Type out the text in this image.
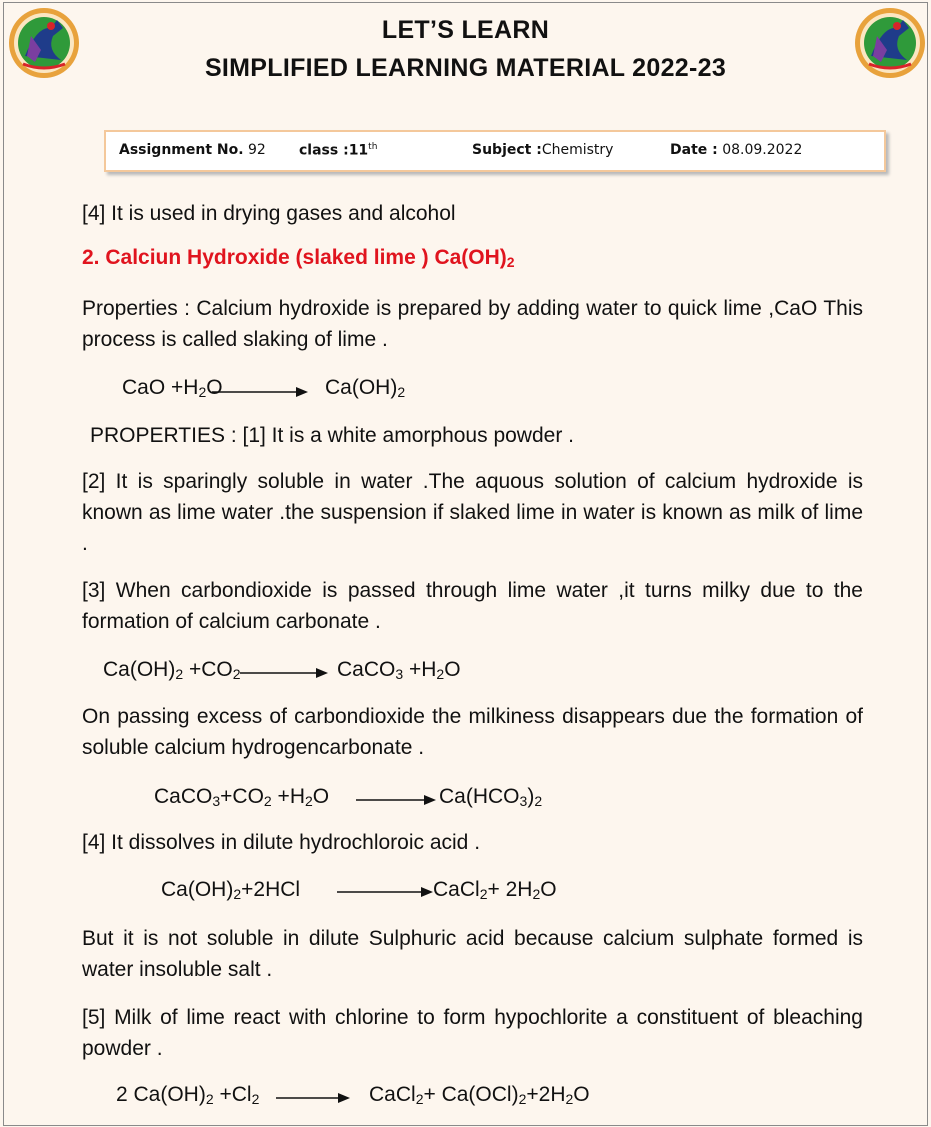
LET’S LEARN
SIMPLIFIED LEARNING MATERIAL 2022-23
Assignment No. 92 class :11th	Subject :Chemistry	Date : 08.09.2022
[4] It is used in drying gases and alcohol
2. Calciun Hydroxide (slaked lime ) $Ca(OH)_2$
Properties : Calcium hydroxide is prepared by adding water to quick lime ,CaO This process is called slaking of lime .
CaO $+H_2O$	$Ca(OH)_2$
PROPERTIES : [1] It is a white amorphous powder .
[2] It is sparingly soluble in water .The aquous solution of calcium hydroxide is known as lime water .the suspension if slaked lime in water is known as milk of lime .
[3] When carbondioxide is passed through lime water ,it turns milky due to the formation of calcium carbonate .
$Ca(OH)_2 +CO_2$	CaCO$_3$ $+H_2O$
On passing excess of carbondioxide the milkiness disappears due the formation of soluble calcium hydrogencarbonate .
$CaCO_3+CO_2 +H_2O$	$Ca(HCO_3)_2$
[4] It dissolves in dilute hydrochloroic acid .
$Ca(OH)_2+2HCl$	CaCl$_2$+ $2H_2O$
But it is not soluble in dilute Sulphuric acid because calcium sulphate formed is water insoluble salt .
[5] Milk of lime react with chlorine to form hypochlorite a constituent of bleaching powder .
2 $Ca(OH)_2 +Cl_2$	CaCl$_2$+ $Ca(OCl)_2+2H_2O$
